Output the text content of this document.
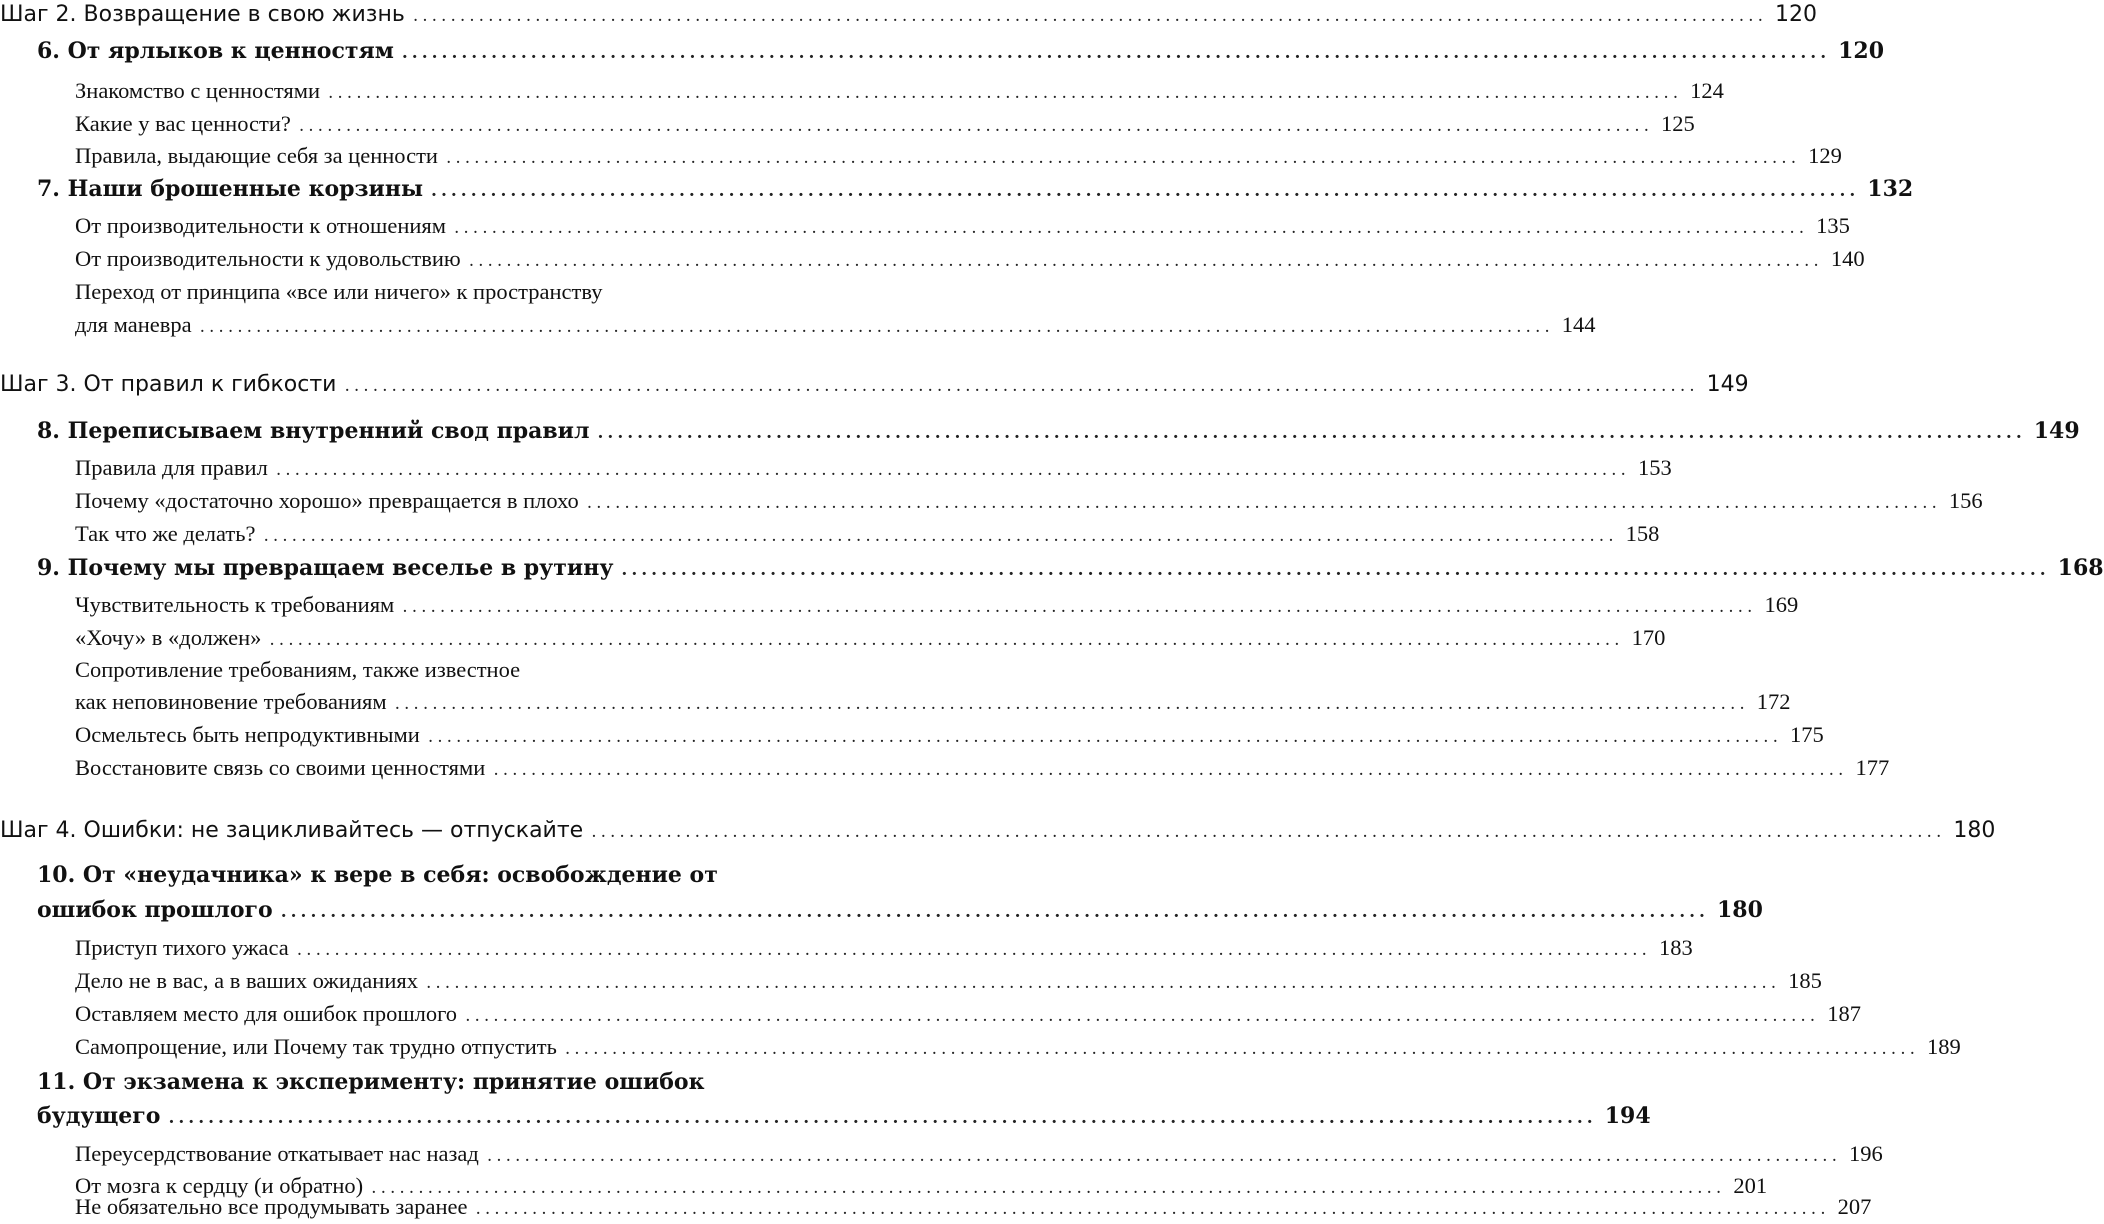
Шаг 2. Возвращение в свою жизнь ................................................................................................................................................ 120
6. От ярлыков к ценностям ................................................................................................................................................ 120
Знакомство с ценностями ................................................................................................................................................ 124
Какие у вас ценности? ................................................................................................................................................ 125
Правила, выдающие себя за ценности ................................................................................................................................................ 129
7. Наши брошенные корзины ................................................................................................................................................ 132
От производительности к отношениям ................................................................................................................................................ 135
От производительности к удовольствию ................................................................................................................................................ 140
Переход от принципа «все или ничего» к пространству
для маневра ................................................................................................................................................ 144
Шаг 3. От правил к гибкости ................................................................................................................................................ 149
8. Переписываем внутренний свод правил ................................................................................................................................................ 149
Правила для правил ................................................................................................................................................ 153
Почему «достаточно хорошо» превращается в плохо ................................................................................................................................................ 156
Так что же делать? ................................................................................................................................................ 158
9. Почему мы превращаем веселье в рутину ................................................................................................................................................ 168
Чувствительность к требованиям ................................................................................................................................................ 169
«Хочу» в «должен» ................................................................................................................................................ 170
Сопротивление требованиям, также известное
как неповиновение требованиям ................................................................................................................................................ 172
Осмельтесь быть непродуктивными ................................................................................................................................................ 175
Восстановите связь со своими ценностями ................................................................................................................................................ 177
Шаг 4. Ошибки: не зацикливайтесь — отпускайте ................................................................................................................................................ 180
10. От «неудачника» к вере в себя: освобождение от
ошибок прошлого ................................................................................................................................................ 180
Приступ тихого ужаса ................................................................................................................................................ 183
Дело не в вас, а в ваших ожиданиях ................................................................................................................................................ 185
Оставляем место для ошибок прошлого ................................................................................................................................................ 187
Самопрощение, или Почему так трудно отпустить ................................................................................................................................................ 189
11. От экзамена к эксперименту: принятие ошибок
будущего ................................................................................................................................................ 194
Переусердствование откатывает нас назад ................................................................................................................................................ 196
От мозга к сердцу (и обратно) ................................................................................................................................................ 201
Не обязательно все продумывать заранее ................................................................................................................................................ 207
